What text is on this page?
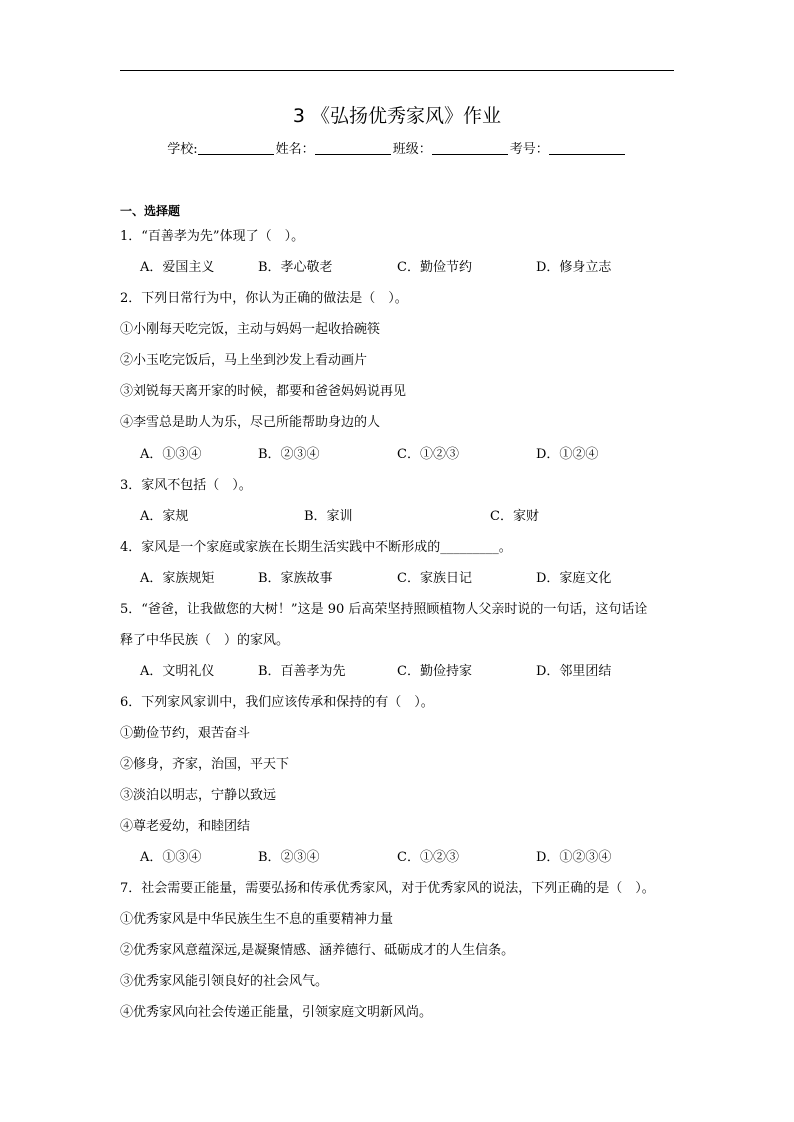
3 《弘扬优秀家风》作业
学校:	姓名：	班级：	考号：
一、选择题
1．“百善孝为先”体现了（　）。
A．爱国主义	B．孝心敬老	C．勤俭节约	D．修身立志
2．下列日常行为中，你认为正确的做法是（　）。
①小刚每天吃完饭，主动与妈妈一起收拾碗筷
②小玉吃完饭后，马上坐到沙发上看动画片
③刘锐每天离开家的时候，都要和爸爸妈妈说再见
④李雪总是助人为乐，尽己所能帮助身边的人
A．①③④	B．②③④	C．①②③	D．①②④
3．家风不包括（　）。
A．家规	B．家训	C．家财
4．家风是一个家庭或家族在长期生活实践中不断形成的_________。
A．家族规矩	B．家族故事	C．家族日记	D．家庭文化
5．“爸爸，让我做您的大树！”这是 90 后高荣坚持照顾植物人父亲时说的一句话，这句话诠
释了中华民族（　）的家风。
A．文明礼仪	B．百善孝为先	C．勤俭持家	D．邻里团结
6．下列家风家训中，我们应该传承和保持的有（　）。
①勤俭节约，艰苦奋斗
②修身，齐家，治国，平天下
③淡泊以明志，宁静以致远
④尊老爱幼，和睦团结
A．①③④	B．②③④	C．①②③	D．①②③④
7．社会需要正能量，需要弘扬和传承优秀家风，对于优秀家风的说法，下列正确的是（　）。
①优秀家风是中华民族生生不息的重要精神力量
②优秀家风意蕴深远,是凝聚情感、涵养德行、砥砺成才的人生信条。
③优秀家风能引领良好的社会风气。
④优秀家风向社会传递正能量，引领家庭文明新风尚。
